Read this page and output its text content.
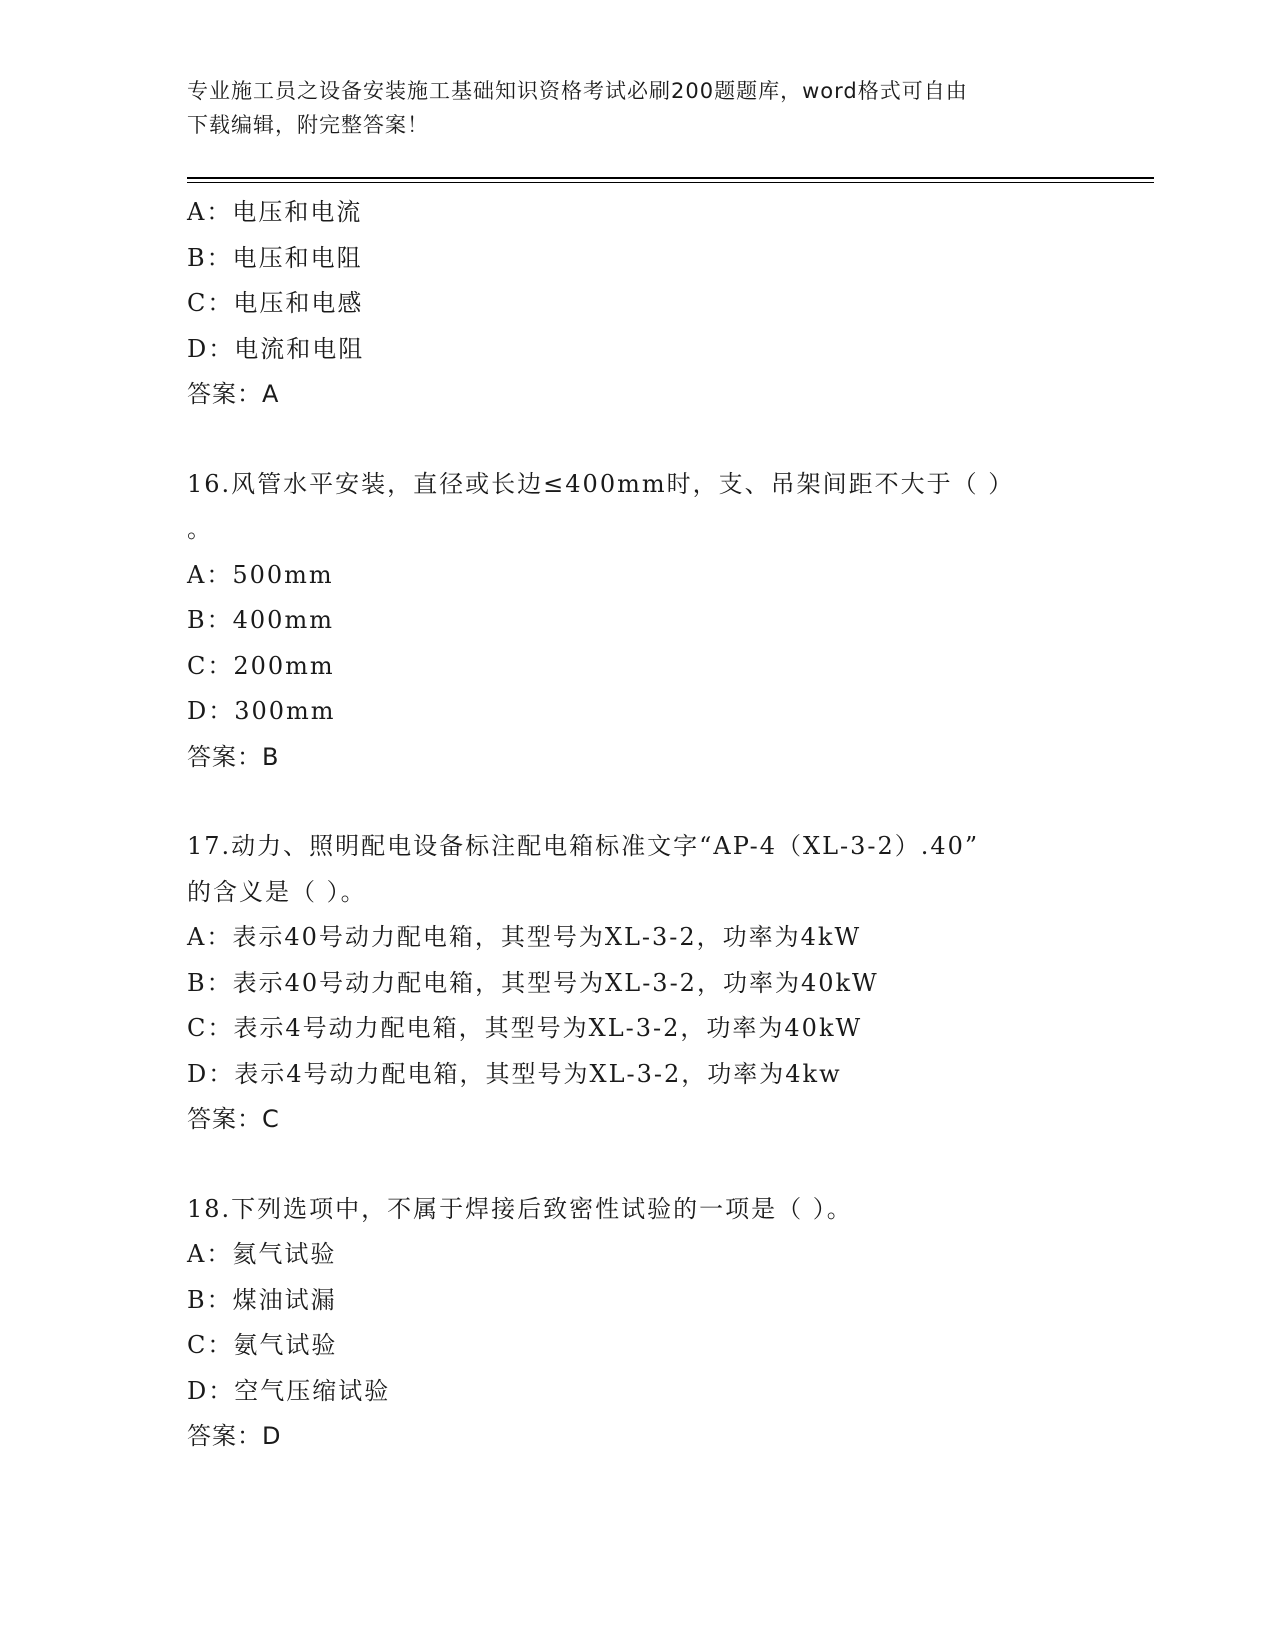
专业施工员之设备安装施工基础知识资格考试必刷200题题库，word格式可自由
下载编辑，附完整答案！
A：电压和电流
B：电压和电阻
C：电压和电感
D：电流和电阻
答案：A
16.风管水平安装，直径或长边≤400mm时，支、吊架间距不大于（ ）
。
A：500mm
B：400mm
C：200mm
D：300mm
答案：B
17.动力、照明配电设备标注配电箱标准文字“AP-4（XL-3-2）.40”
的含义是（ ）。
A：表示40号动力配电箱，其型号为XL-3-2，功率为4kW
B：表示40号动力配电箱，其型号为XL-3-2，功率为40kW
C：表示4号动力配电箱，其型号为XL-3-2，功率为40kW
D：表示4号动力配电箱，其型号为XL-3-2，功率为4kw
答案：C
18.下列选项中，不属于焊接后致密性试验的一项是（ ）。
A：氦气试验
B：煤油试漏
C：氨气试验
D：空气压缩试验
答案：D
